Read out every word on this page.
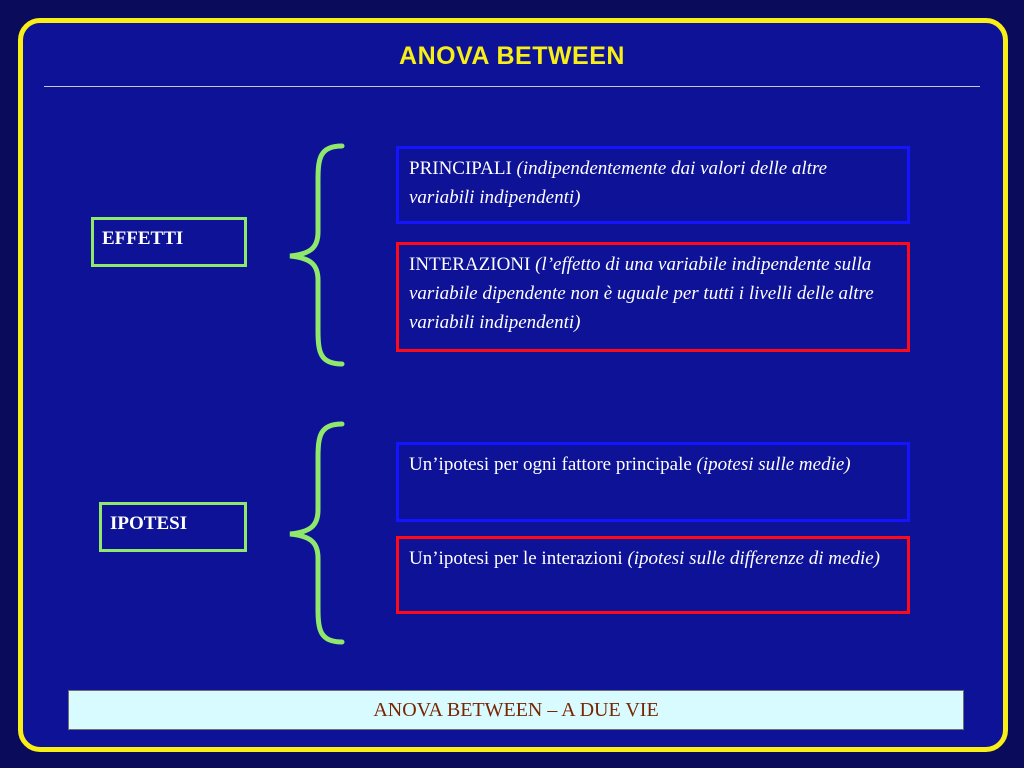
ANOVA BETWEEN
EFFETTI
PRINCIPALI (indipendentemente dai valori delle altre variabili indipendenti)
INTERAZIONI (l’effetto di una variabile indipendente sulla variabile dipendente non è uguale per tutti i livelli delle altre variabili indipendenti)
IPOTESI
Un’ipotesi per ogni fattore principale (ipotesi sulle medie)
Un’ipotesi per le interazioni (ipotesi sulle differenze di medie)
ANOVA BETWEEN – A DUE VIE
